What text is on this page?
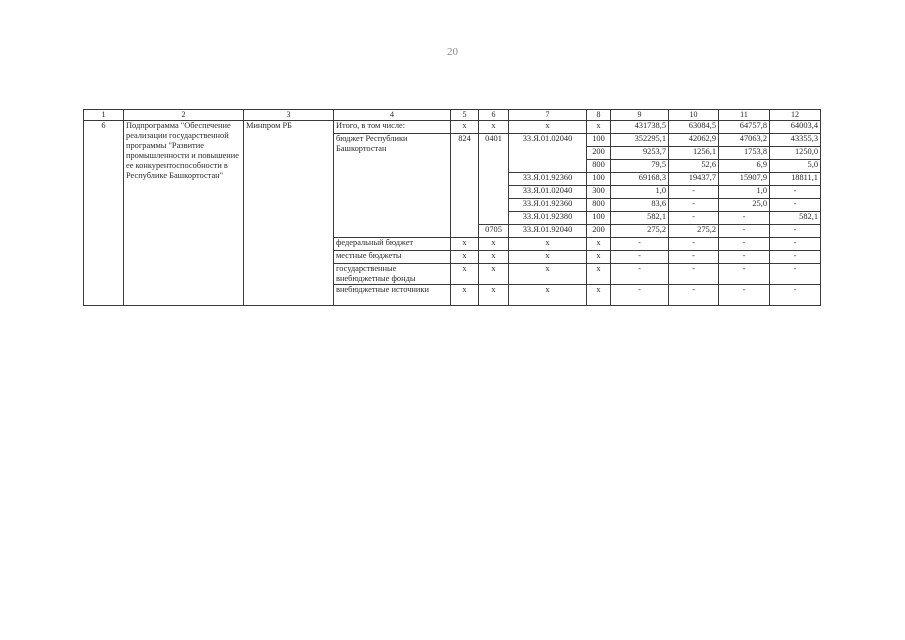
20
1	2	3	4	5	6	7	8	9	10	11	12
6	Подпрограмма "Обеспечение реализации государственной программы "Развитие промышленности и повышение ее конкурентоспособности в Республике Башкортостан"	Минпром РБ	Итого, в том числе:	х	х	х	х	431738,5	63084,5	64757,8	64003,4
			бюджет Республики Башкортостан	824	0401	33.Я.01.02040	100	352295,1	42062,9	47063,2	43355,3
							200	9253,7	1256,1	1753,8	1250,0
							800	79,5	52,6	6,9	5,0
						33.Я.01.92360	100	69168,3	19437,7	15907,9	18811,1
						33.Я.01.02040	300	1,0	-	1,0	-
						33.Я.01.92360	800	83,6	-	25,0	-
						33.Я.01.92380	100	582,1	-	-	582,1
					0705	33.Я.01.92040	200	275,2	275,2	-	-
			федеральный бюджет	х	х	х	х	-	-	-	-
			местные бюджеты	х	х	х	х	-	-	-	-
			государственные внебюджетные фонды	х	х	х	х	-	-	-	-
			внебюджетные источники	х	х	х	х	-	-	-	-
